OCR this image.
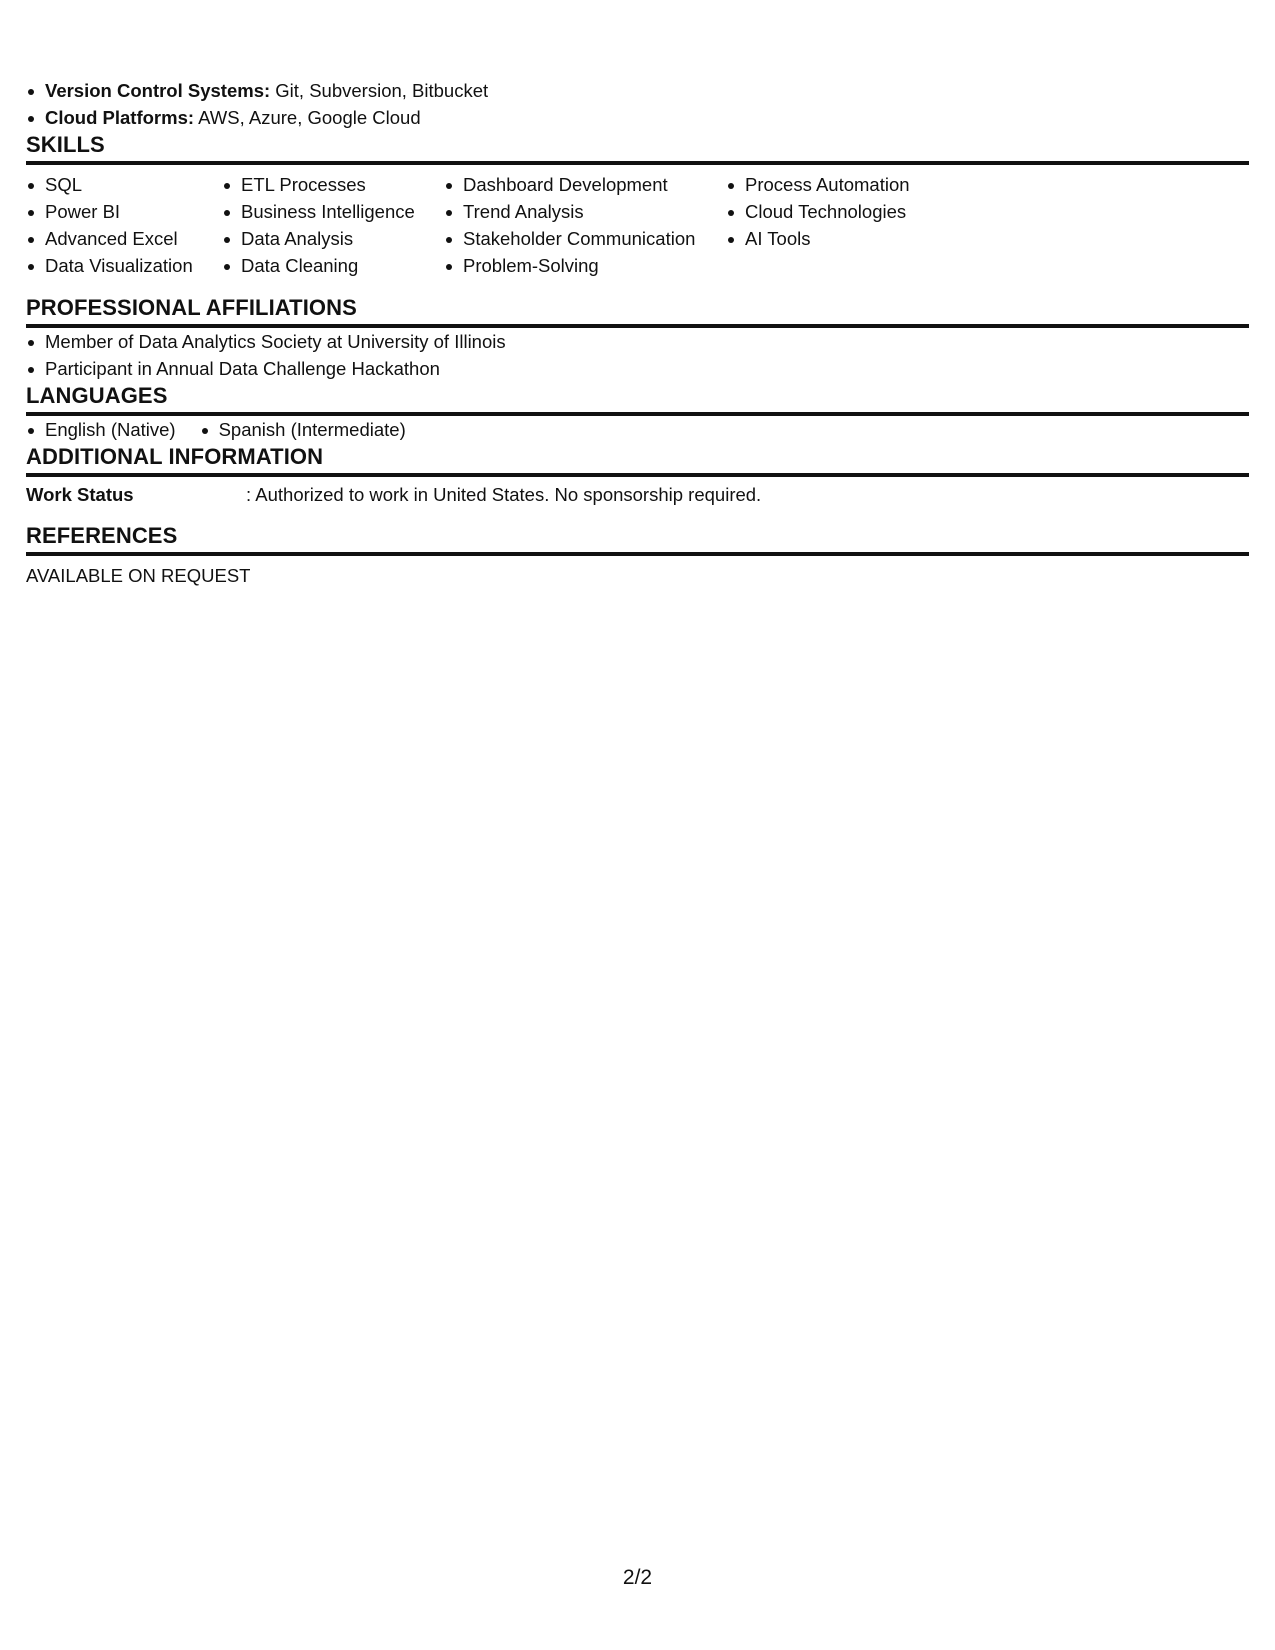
Version Control Systems: Git, Subversion, Bitbucket
Cloud Platforms: AWS, Azure, Google Cloud
SKILLS
SQL
Power BI
Advanced Excel
Data Visualization
ETL Processes
Business Intelligence
Data Analysis
Data Cleaning
Dashboard Development
Trend Analysis
Stakeholder Communication
Problem-Solving
Process Automation
Cloud Technologies
AI Tools
PROFESSIONAL AFFILIATIONS
Member of Data Analytics Society at University of Illinois
Participant in Annual Data Challenge Hackathon
LANGUAGES
English (Native)	Spanish (Intermediate)
ADDITIONAL INFORMATION
Work Status	: Authorized to work in United States. No sponsorship required.
REFERENCES
AVAILABLE ON REQUEST
2/2
